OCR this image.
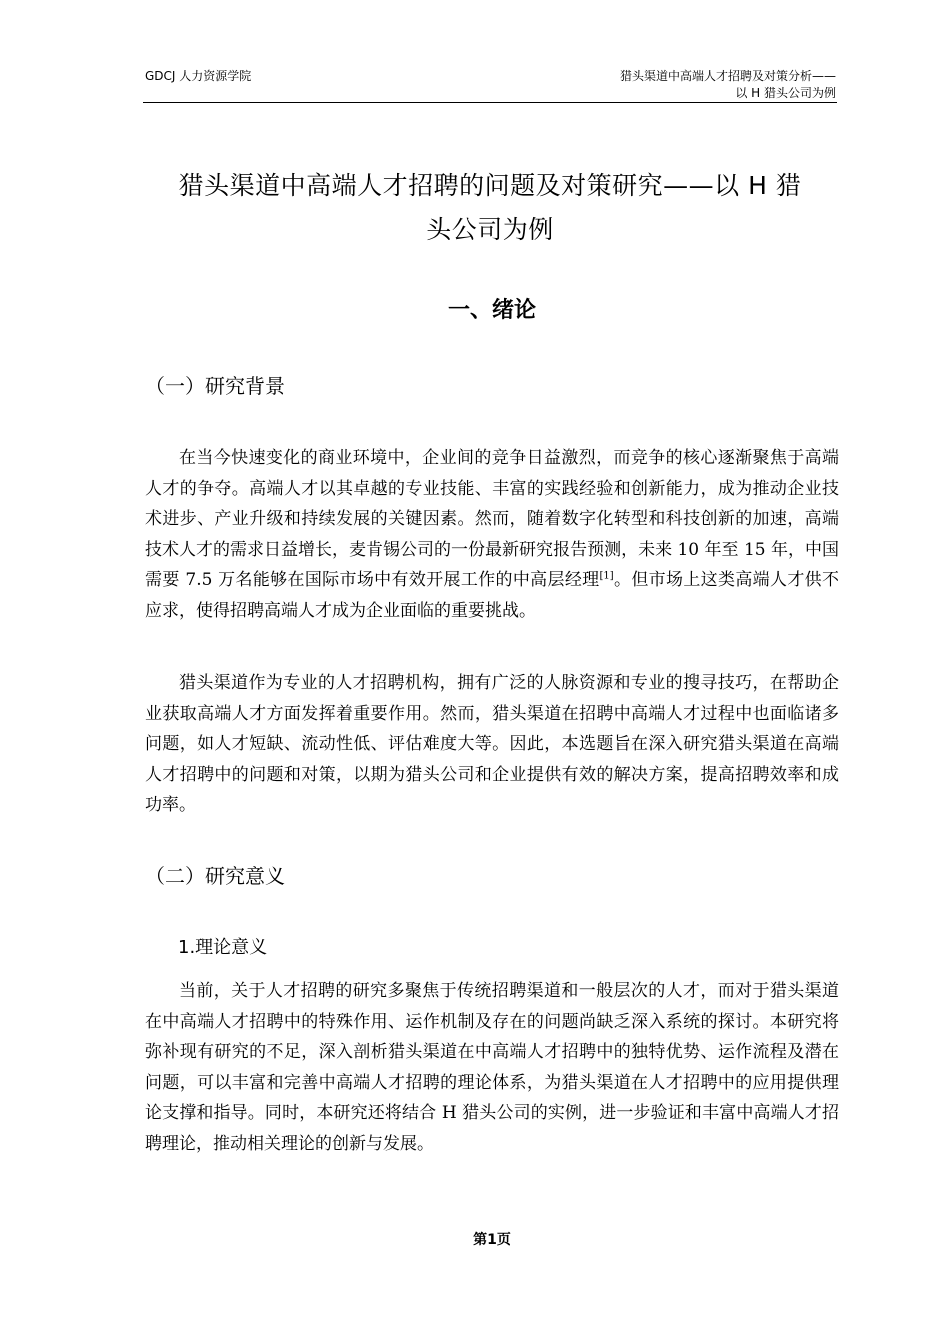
GDCJ 人力资源学院	猎头渠道中高端人才招聘及对策分析——
以 H 猎头公司为例
猎头渠道中高端人才招聘的问题及对策研究——以 H 猎
头公司为例
一、绪论
（一）研究背景

在当今快速变化的商业环境中，企业间的竞争日益激烈，而竞争的核心逐渐聚焦于高端人才的争夺。高端人才以其卓越的专业技能、丰富的实践经验和创新能力，成为推动企业技术进步、产业升级和持续发展的关键因素。然而，随着数字化转型和科技创新的加速，高端技术人才的需求日益增长，麦肯锡公司的一份最新研究报告预测，未来 10 年至 15 年，中国需要 7.5 万名能够在国际市场中有效开展工作的中高层经理[1]。但市场上这类高端人才供不应求，使得招聘高端人才成为企业面临的重要挑战。

猎头渠道作为专业的人才招聘机构，拥有广泛的人脉资源和专业的搜寻技巧，在帮助企业获取高端人才方面发挥着重要作用。然而，猎头渠道在招聘中高端人才过程中也面临诸多问题，如人才短缺、流动性低、评估难度大等。因此，本选题旨在深入研究猎头渠道在高端人才招聘中的问题和对策，以期为猎头公司和企业提供有效的解决方案，提高招聘效率和成功率。

（二）研究意义
1.理论意义

当前，关于人才招聘的研究多聚焦于传统招聘渠道和一般层次的人才，而对于猎头渠道在中高端人才招聘中的特殊作用、运作机制及存在的问题尚缺乏深入系统的探讨。本研究将弥补现有研究的不足，深入剖析猎头渠道在中高端人才招聘中的独特优势、运作流程及潜在问题，可以丰富和完善中高端人才招聘的理论体系，为猎头渠道在人才招聘中的应用提供理论支撑和指导。同时，本研究还将结合 H 猎头公司的实例，进一步验证和丰富中高端人才招聘理论，推动相关理论的创新与发展。

第1页
